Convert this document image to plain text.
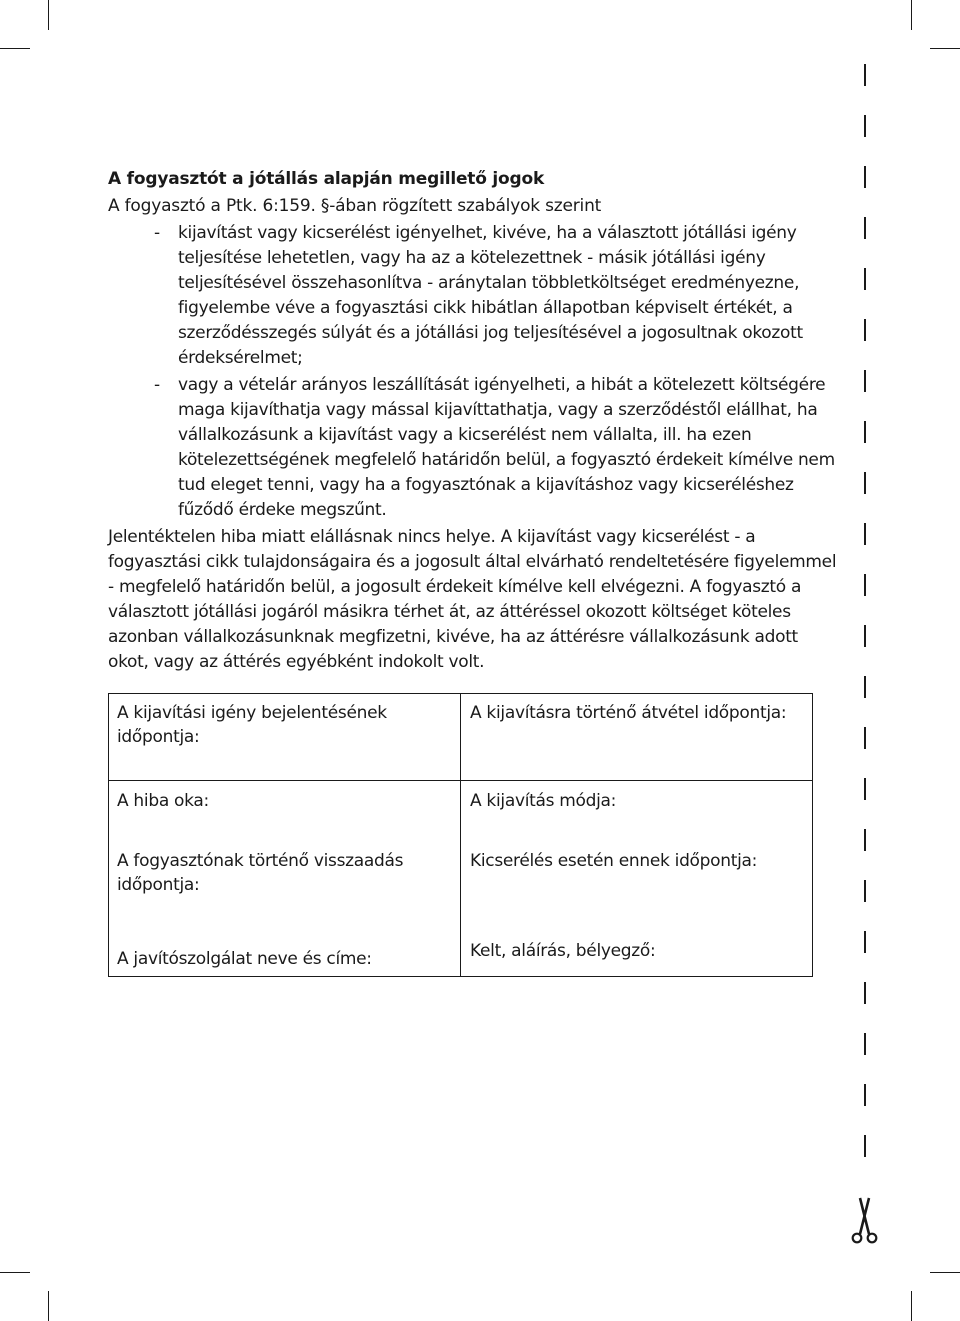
A fogyasztót a jótállás alapján megillető jogok
A fogyasztó a Ptk. 6:159. §-ában rögzített szabályok szerint
- kijavítást vagy kicserélést igényelhet, kivéve, ha a választott jótállási igény teljesítése lehetetlen, vagy ha az a kötelezettnek - másik jótállási igény teljesítésével összehasonlítva - aránytalan többletköltséget eredményezne, figyelembe véve a fogyasztási cikk hibátlan állapotban képviselt értékét, a szerződésszegés súlyát és a jótállási jog teljesítésével a jogosultnak okozott érdeksérelmet;
- vagy a vételár arányos leszállítását igényelheti, a hibát a kötelezett költségére maga kijavíthatja vagy mással kijavíttathatja, vagy a szerződéstől elállhat, ha vállalkozásunk a kijavítást vagy a kicserélést nem vállalta, ill. ha ezen kötelezettségének megfelelő határidőn belül, a fogyasztó érdekeit kímélve nem tud eleget tenni, vagy ha a fogyasztónak a kijavításhoz vagy kicseréléshez fűződő érdeke megszűnt.
Jelentéktelen hiba miatt elállásnak nincs helye. A kijavítást vagy kicserélést - a fogyasztási cikk tulajdonságaira és a jogosult által elvárható rendeltetésére figyelemmel - megfelelő határidőn belül, a jogosult érdekeit kímélve kell elvégezni. A fogyasztó a választott jótállási jogáról másikra térhet át, az áttéréssel okozott költséget köteles azonban vállalkozásunknak megfizetni, kivéve, ha az áttérésre vállalkozásunk adott okot, vagy az áttérés egyébként indokolt volt.
A kijavítási igény bejelentésének időpontja:
A hiba oka:
A fogyasztónak történő visszaadás időpontja:
A javítószolgálat neve és címe:
A kijavításra történő átvétel időpontja:
A kijavítás módja:
Kicserélés esetén ennek időpontja:
Kelt, aláírás, bélyegző:
